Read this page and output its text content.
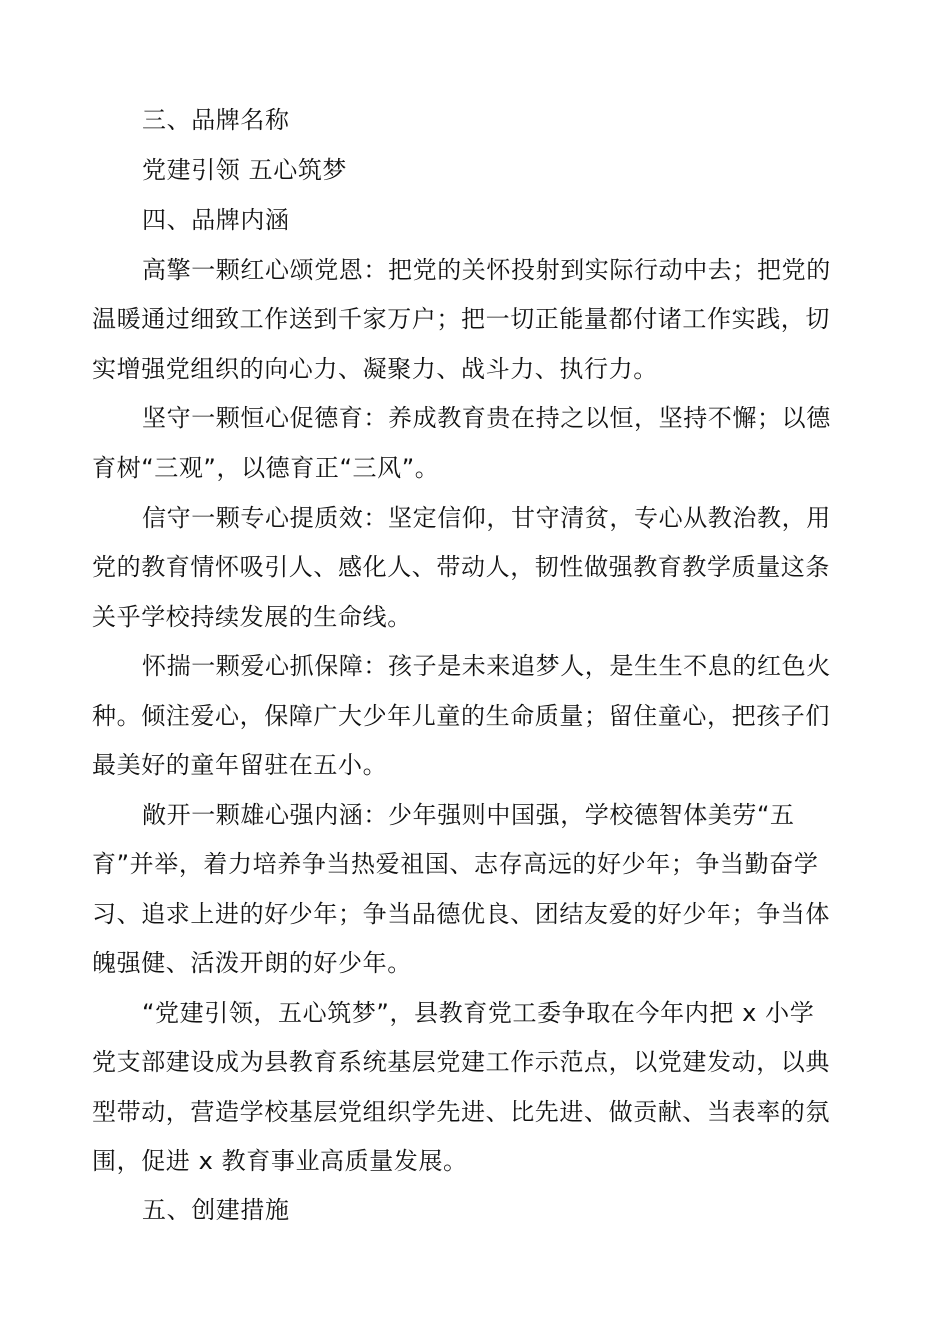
三、品牌名称
党建引领 五心筑梦
四、品牌内涵
高擎一颗红心颂党恩：把党的关怀投射到实际行动中去；把党的
温暖通过细致工作送到千家万户；把一切正能量都付诸工作实践，切
实增强党组织的向心力、凝聚力、战斗力、执行力。
坚守一颗恒心促德育：养成教育贵在持之以恒，坚持不懈；以德
育树“三观”，以德育正“三风”。
信守一颗专心提质效：坚定信仰，甘守清贫，专心从教治教，用
党的教育情怀吸引人、感化人、带动人，韧性做强教育教学质量这条
关乎学校持续发展的生命线。
怀揣一颗爱心抓保障：孩子是未来追梦人，是生生不息的红色火
种。倾注爱心，保障广大少年儿童的生命质量；留住童心，把孩子们
最美好的童年留驻在五小。
敞开一颗雄心强内涵：少年强则中国强，学校德智体美劳“五
育”并举，着力培养争当热爱祖国、志存高远的好少年；争当勤奋学
习、追求上进的好少年；争当品德优良、团结友爱的好少年；争当体
魄强健、活泼开朗的好少年。
“党建引领，五心筑梦”，县教育党工委争取在今年内把 x 小学
党支部建设成为县教育系统基层党建工作示范点，以党建发动，以典
型带动，营造学校基层党组织学先进、比先进、做贡献、当表率的氛
围，促进 x 教育事业高质量发展。
五、创建措施
